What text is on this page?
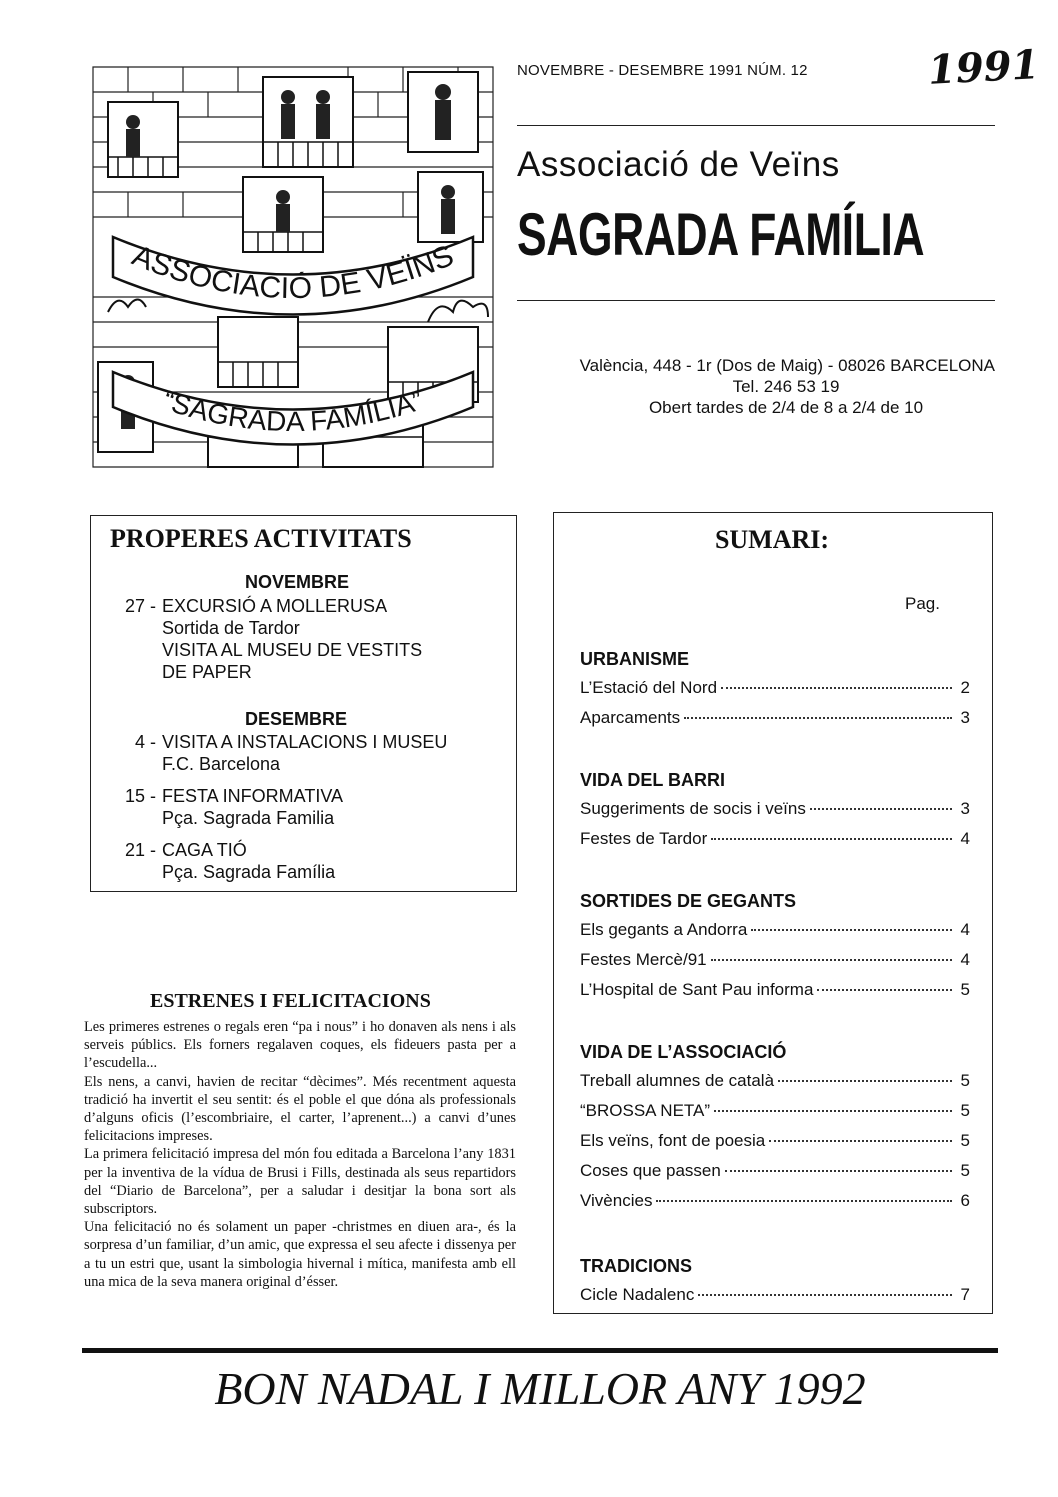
NOVEMBRE - DESEMBRE 1991 NÚM. 12	1991
Associació de Veïns
SAGRADA FAMÍLIA
València, 448 - 1r (Dos de Maig) - 08026 BARCELONA
Tel. 246 53 19
Obert tardes de 2/4 de 8 a 2/4 de 10
ASSOCIACIÓ DE VEÏNS
“SAGRADA FAMÍLIA”
PROPERES ACTIVITATS
NOVEMBRE
27 - EXCURSIÓ A MOLLERUSA
Sortida de Tardor
VISITA AL MUSEU DE VESTITS
DE PAPER
DESEMBRE
4 - VISITA A INSTALACIONS I MUSEU
F.C. Barcelona
15 - FESTA INFORMATIVA
Pça. Sagrada Familia
21 - CAGA TIÓ
Pça. Sagrada Família
ESTRENES I FELICITACIONS

Les primeres estrenes o regals eren “pa i nous” i ho donaven als nens i als serveis públics. Els forners regalaven coques, els fideuers pasta per a l’escudella...

Els nens, a canvi, havien de recitar “dècimes”. Més recentment aquesta tradició ha invertit el seu sentit: és el poble el que dóna als professionals d’alguns oficis (l’escombriaire, el carter, l’aprenent...) a canvi d’unes felicitacions impreses.

La primera felicitació impresa del món fou editada a Barcelona l’any 1831 per la inventiva de la vídua de Brusi i Fills, destinada als seus repartidors del “Diario de Barcelona”, per a saludar i desitjar la bona sort als subscriptors.

Una felicitació no és solament un paper -christmes en diuen ara-, és la sorpresa d’un familiar, d’un amic, que expressa el seu afecte i dissenya per a tu un estri que, usant la simbologia hivernal i mítica, manifesta amb ell una mica de la seva manera original d’ésser.

SUMARI:
Pag.
URBANISME
L’Estació del Nord	2
Aparcaments	3
VIDA DEL BARRI
Suggeriments de socis i veïns	3
Festes de Tardor	4
SORTIDES DE GEGANTS
Els gegants a Andorra	4
Festes Mercè/91	4
L’Hospital de Sant Pau informa	5
VIDA DE L’ASSOCIACIÓ
Treball alumnes de català	5
“BROSSA NETA”	5
Els veïns, font de poesia	5
Coses que passen	5
Vivències	6
TRADICIONS
Cicle Nadalenc	7
BON NADAL I MILLOR ANY 1992
